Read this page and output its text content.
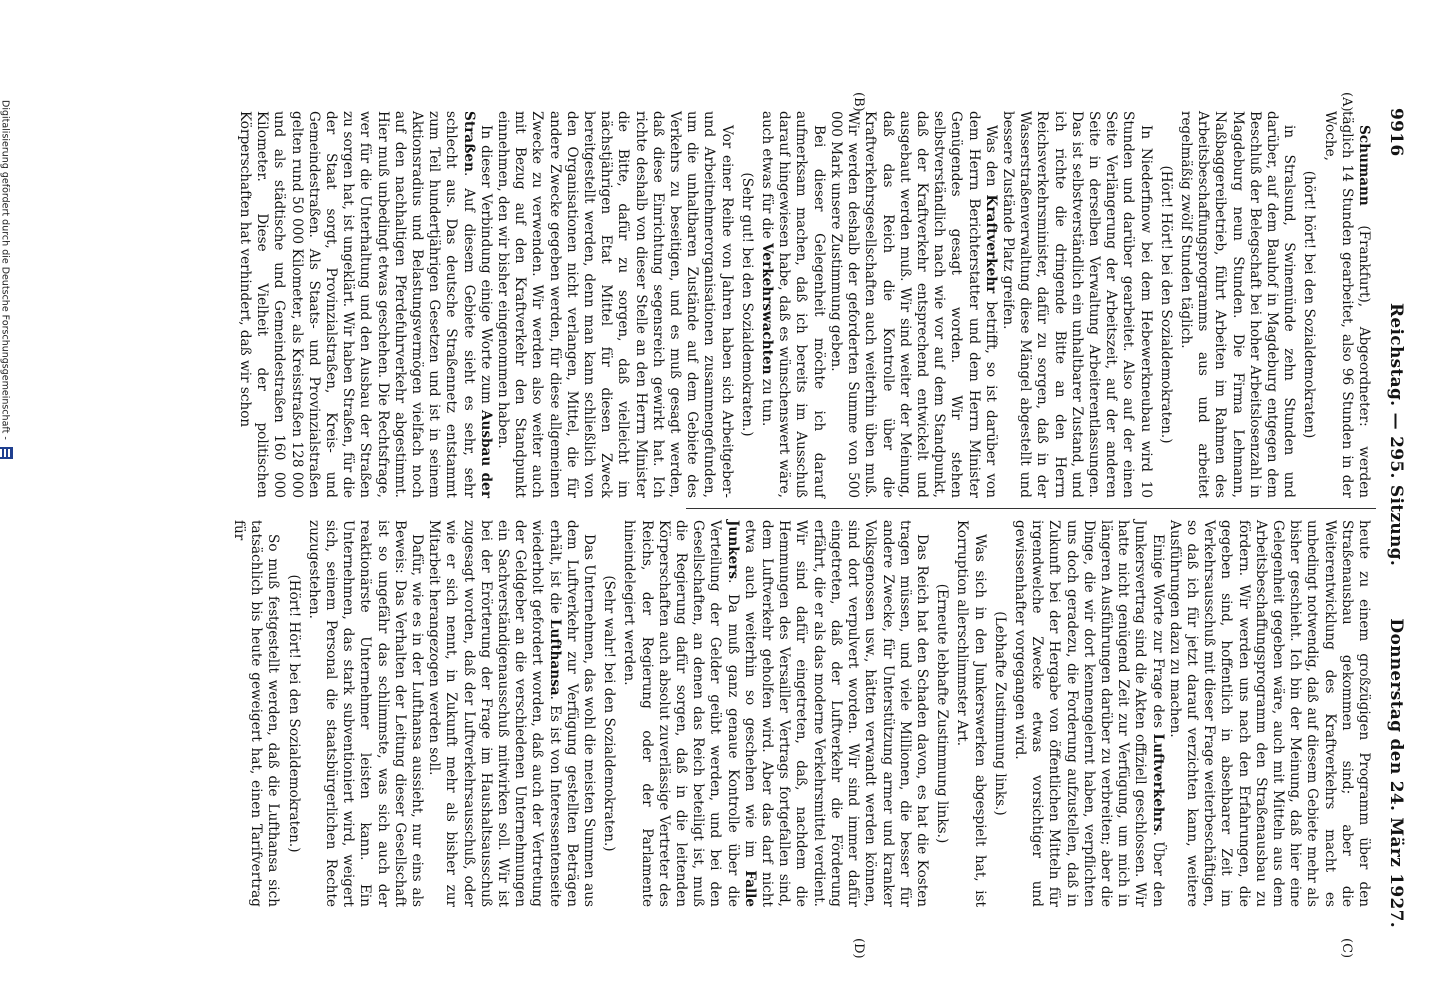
9916
Reichstag. — 295. Sitzung.
Donnerstag den 24. März 1927.
(A)
(B)
(C)
(D)

Schumann (Frankfurt), Abgeordneter: werden täglich 14 Stunden gearbeitet, also 96 Stunden in der Woche,

(hört! hört! bei den Sozialdemokraten)

in Stralsund, Swinemünde zehn Stunden und darüber, auf dem Bauhof in Magdeburg entgegen dem Beschluß der Belegschaft bei hoher Arbeitslosenzahl in Magdeburg neun Stunden. Die Firma Lehmann, Naßbaggereibetrieb, führt Arbeiten im Rahmen des Arbeitsbeschaffungsprogramms aus und arbeitet regelmäßig zwölf Stunden täglich.

(Hört! Hört! bei den Sozialdemokraten.)

In Niederfinow bei dem Hebewerkneubau wird 10 Stunden und darüber gearbeitet. Also auf der einen Seite Verlängerung der Arbeitszeit, auf der anderen Seite in derselben Verwaltung Arbeiterentlassungen. Das ist selbstverständlich ein unhaltbarer Zustand, und ich richte die dringende Bitte an den Herrn Reichsverkehrsminister, dafür zu sorgen, daß in der Wasserstraßenverwaltung diese Mängel abgestellt und bessere Zustände Platz greifen.

Was den Kraftverkehr betrifft, so ist darüber von dem Herrn Berichterstatter und dem Herrn Minister Genügendes gesagt worden. Wir stehen selbstverständlich nach wie vor auf dem Standpunkt, daß der Kraftverkehr entsprechend entwickelt und ausgebaut werden muß. Wir sind weiter der Meinung, daß das Reich die Kontrolle über die Kraftverkehrsgesellschaften auch weiterhin üben muß. Wir werden deshalb der geforderten Summe von 500 000 Mark unsere Zustimmung geben.

Bei dieser Gelegenheit möchte ich darauf aufmerksam machen, daß ich bereits im Ausschuß darauf hingewiesen habe, daß es wünschenswert wäre, auch etwas für die Verkehrswachten zu tun.

(Sehr gut! bei den Sozialdemokraten.)

Vor einer Reihe von Jahren haben sich Arbeitgeber- und Arbeitnehmerorganisationen zusammengefunden, um die unhaltbaren Zustände auf dem Gebiete des Verkehrs zu beseitigen, und es muß gesagt werden, daß diese Einrichtung segensreich gewirkt hat. Ich richte deshalb von dieser Stelle an den Herrn Minister die Bitte, dafür zu sorgen, daß vielleicht im nächstjährigen Etat Mittel für diesen Zweck bereitgestellt werden, denn man kann schließlich von den Organisationen nicht verlangen, Mittel, die für andere Zwecke gegeben werden, für diese allgemeinen Zwecke zu verwenden. Wir werden also weiter auch mit Bezug auf den Kraftverkehr den Standpunkt einnehmen, den wir bisher eingenommen haben.

In dieser Verbindung einige Worte zum Ausbau der Straßen. Auf diesem Gebiete sieht es sehr, sehr schlecht aus. Das deutsche Straßennetz entstammt zum Teil hundertjährigen Gesetzen und ist in seinem Aktionsradius und Belastungsvermögen vielfach noch auf den nachhaltigen Pferdefuhrverkehr abgestimmt. Hier muß unbedingt etwas geschehen. Die Rechtsfrage, wer für die Unterhaltung und den Ausbau der Straßen zu sorgen hat, ist ungeklärt. Wir haben Straßen, für die der Staat sorgt, Provinzialstraßen, Kreis- und Gemeindestraßen. Als Staats- und Provinzialstraßen gelten rund 50 000 Kilometer, als Kreisstraßen 128 000 und als städtische und Gemeindestraßen 160 000 Kilometer. Diese Vielheit der politischen Körperschaften hat verhindert, daß wir schon

heute zu einem großzügigen Programm über den Straßenausbau gekommen sind; aber die Weiterentwicklung des Kraftverkehrs macht es unbedingt notwendig, daß auf diesem Gebiete mehr als bisher geschieht. Ich bin der Meinung, daß hier eine Gelegenheit gegeben wäre, auch mit Mitteln aus dem Arbeitsbeschaffungsprogramm den Straßenausbau zu fördern. Wir werden uns nach den Erfahrungen, die gegeben sind, hoffentlich in absehbarer Zeit im Verkehrsausschuß mit dieser Frage weiterbeschäftigen, so daß ich für jetzt darauf verzichten kann, weitere Ausführungen dazu zu machen.

Einige Worte zur Frage des Luftverkehrs. Über den Junkersvertrag sind die Akten offiziell geschlossen. Wir hatte nicht genügend Zeit zur Verfügung, um mich in längeren Ausführungen darüber zu verbreiten; aber die Dinge, die wir dort kennengelernt haben, verpflichten uns doch geradezu, die Forderung aufzustellen, daß in Zukunft bei der Hergabe von öffentlichen Mitteln für irgendwelche Zwecke etwas vorsichtiger und gewissenhafter vorgegangen wird.

(Lebhafte Zustimmung links.)

Was sich in den Junkerswerken abgespielt hat, ist Korruption allerschlimmster Art.

(Erneute lebhafte Zustimmung links.)

Das Reich hat den Schaden davon, es hat die Kosten tragen müssen, und viele Millionen, die besser für andere Zwecke, für Unterstützung armer und kranker Volksgenossen usw., hätten verwandt werden können, sind dort verpulvert worden. Wir sind immer dafür eingetreten, daß der Luftverkehr die Förderung erfährt, die er als das moderne Verkehrsmittel verdient. Wir sind dafür eingetreten, daß, nachdem die Hemmungen des Versailler Vertrags fortgefallen sind, dem Luftverkehr geholfen wird. Aber das darf nicht etwa auch weiterhin so geschehen wie im Falle Junkers. Da muß ganz genaue Kontrolle über die Verteilung der Gelder geübt werden, und bei den Gesellschaften, an denen das Reich beteiligt ist, muß die Regierung dafür sorgen, daß in die leitenden Körperschaften auch absolut zuverlässige Vertreter des Reichs, der Regierung oder der Parlamente hineindelegiert werden.

(Sehr wahr! bei den Sozialdemokraten.)

Das Unternehmen, das wohl die meisten Summen aus dem Luftverkehr zur Verfügung gestellten Beträgen erhält, ist die Lufthansa. Es ist von Interessentenseite wiederholt gefordert worden, daß auch der Vertretung der Geldgeber an die verschiedenen Unternehmungen ein Sachverständigenausschuß mitwirken soll. Wir ist bei der Erörterung der Frage im Haushaltsausschuß zugesagt worden, daß der Luftverkehrsausschuß, oder wie er sich nennt, in Zukunft mehr als bisher zur Mitarbeit herangezogen werden soll.

Dafür, wie es in der Lufthansa aussieht, nur eins als Beweis: Das Verhalten der Leitung dieser Gesellschaft ist so ungefähr das schlimmste, was sich auch der reaktionärste Unternehmer leisten kann. Ein Unternehmen, das stark subventioniert wird, weigert sich, seinem Personal die staatsbürgerlichen Rechte zuzugestehen.

(Hört! Hört! bei den Sozialdemokraten.)

So muß festgestellt werden, daß die Lufthansa sich tatsächlich bis heute geweigert hat, einen Tarifvertrag für

Digitalisierung gefördert durch die Deutsche Forschungsgemeinschaft -
